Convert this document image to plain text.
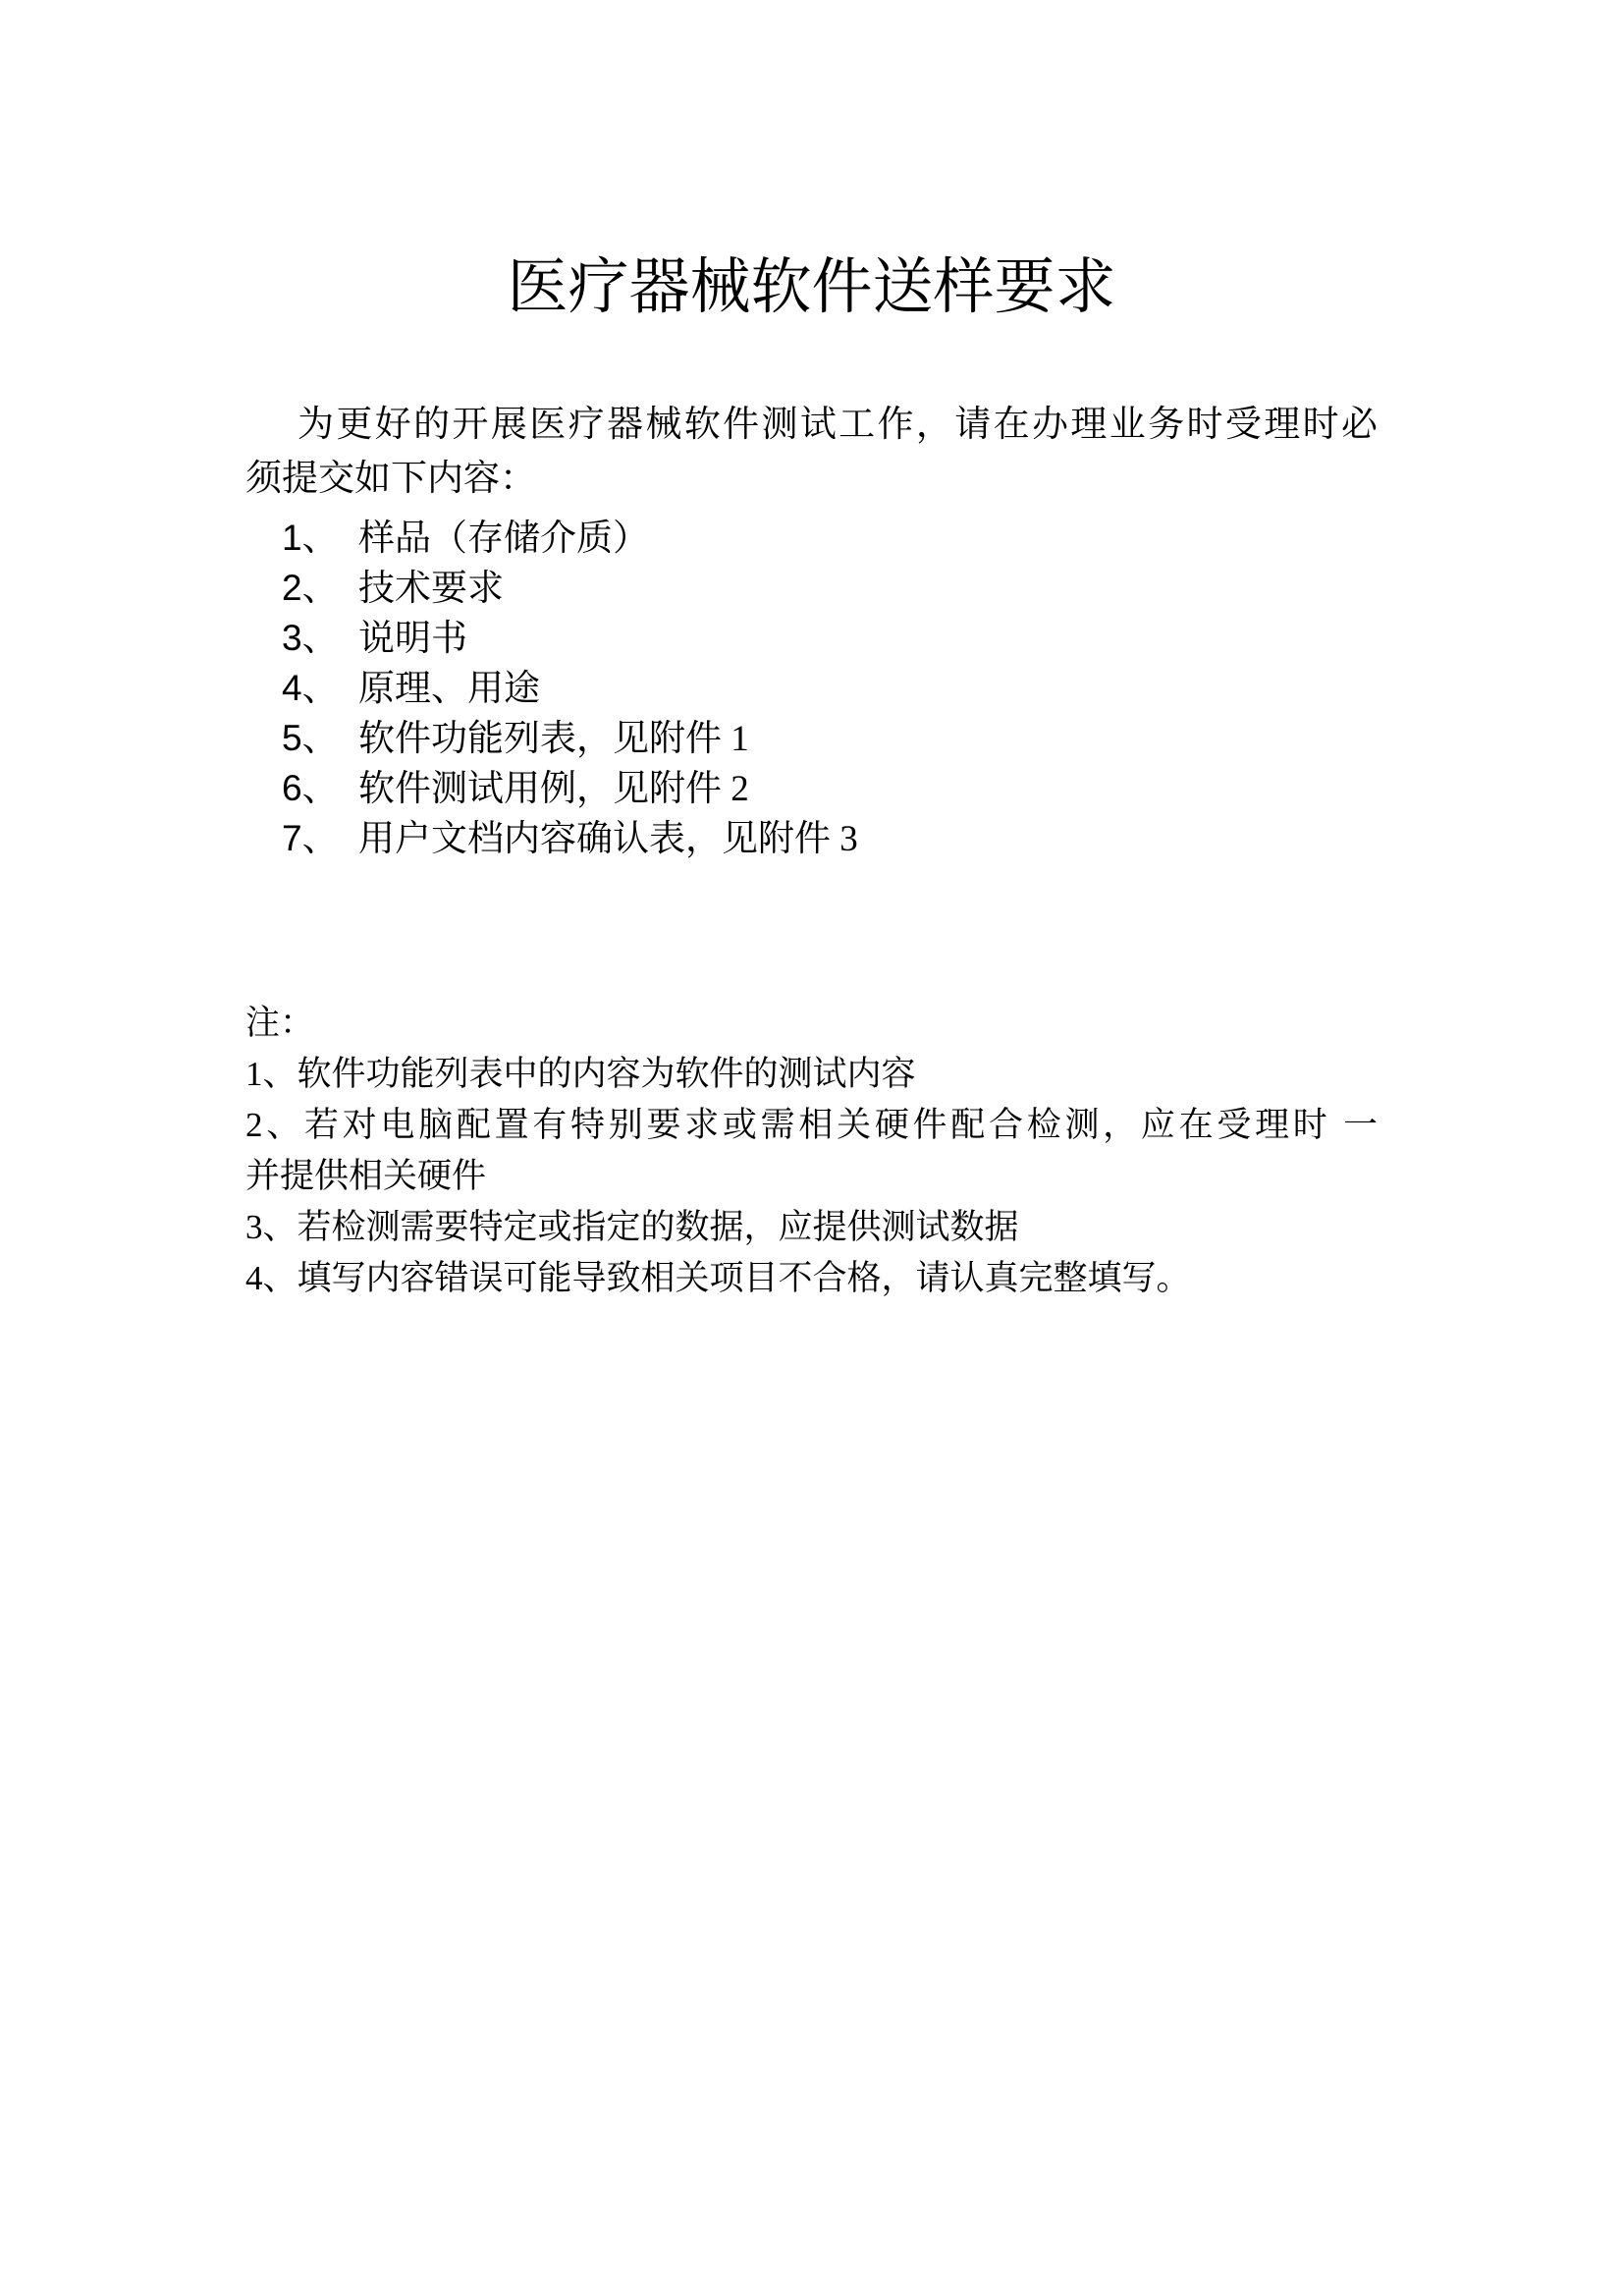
医疗器械软件送样要求
为更好的开展医疗器械软件测试工作，请在办理业务时受理时必
须提交如下内容：
1、 样品（存储介质）
2、 技术要求
3、 说明书
4、 原理、用途
5、 软件功能列表，见附件 1
6、 软件测试用例，见附件 2
7、 用户文档内容确认表，见附件 3
注：
1、软件功能列表中的内容为软件的测试内容
2、若对电脑配置有特别要求或需相关硬件配合检测，应在受理时 一
并提供相关硬件
3、若检测需要特定或指定的数据，应提供测试数据
4、填写内容错误可能导致相关项目不合格，请认真完整填写。
